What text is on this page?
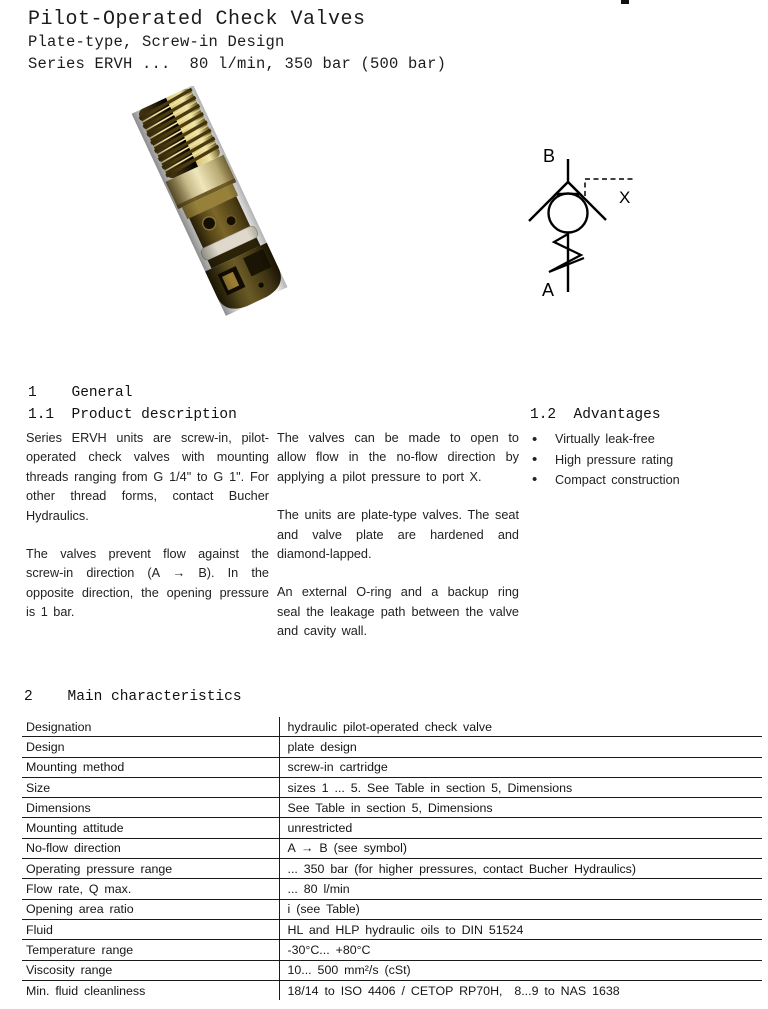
Pilot-Operated Check Valves
Plate-type, Screw-in Design
Series ERVH ...  80 l/min, 350 bar (500 bar)
B
X
A
1    General
1.1  Product description	1.2  Advantages

Series ERVH units are screw-in, pilot-operated check valves with mounting threads ranging from G 1/4" to G 1". For other thread forms, contact Bucher Hydraulics.

The valves prevent flow against the screw-in direction (A → B). In the opposite direction, the opening pressure is 1 bar.

The valves can be made to open to allow flow in the no-flow direction by applying a pilot pressure to port X.

The units are plate-type valves. The seat and valve plate are hardened and diamond-lapped.

An external O-ring and a backup ring seal the leakage path between the valve and cavity wall.

•	Virtually leak-free
•	High pressure rating
•	Compact construction
2    Main characteristics
Designation	hydraulic pilot-operated check valve
Design	plate design
Mounting method	screw-in cartridge
Size	sizes 1 ... 5. See Table in section 5, Dimensions
Dimensions	See Table in section 5, Dimensions
Mounting attitude	unrestricted
No-flow direction	A → B (see symbol)
Operating pressure range	... 350 bar (for higher pressures, contact Bucher Hydraulics)
Flow rate, Q max.	... 80 l/min
Opening area ratio	i (see Table)
Fluid	HL and HLP hydraulic oils to DIN 51524
Temperature range	-30°C... +80°C
Viscosity range	10... 500 mm²/s (cSt)
Min. fluid cleanliness	18/14 to ISO 4406 / CETOP RP70H,  8...9 to NAS 1638
